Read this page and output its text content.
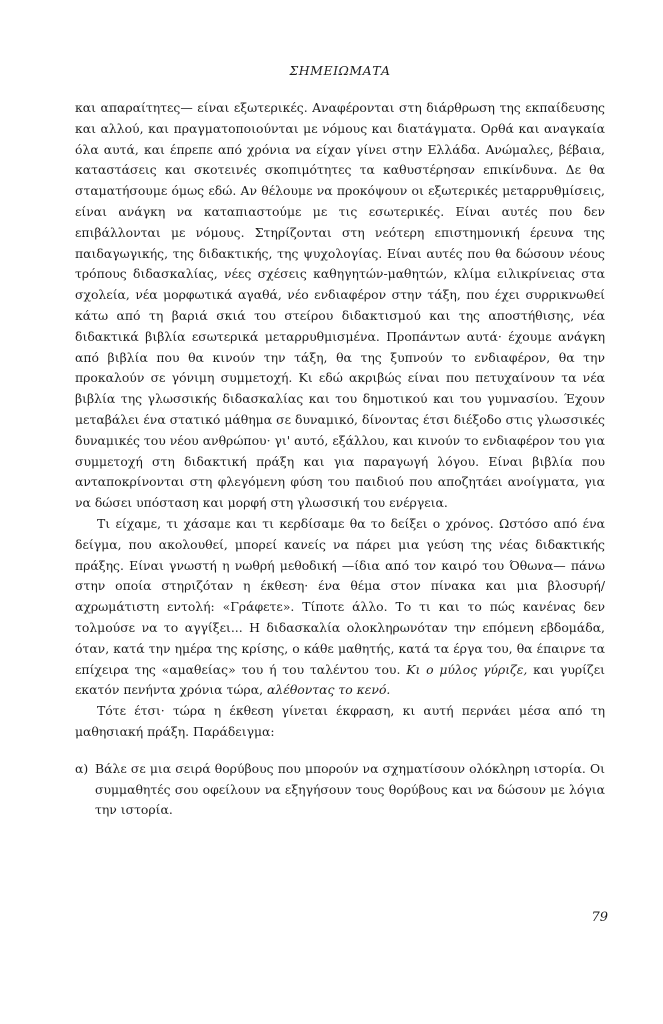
ΣΗΜΕΙΩΜΑΤΑ

και απαραίτητες— είναι εξωτερικές. Αναφέρονται στη διάρθρωση της εκπαίδευσης και αλλού, και πραγματοποιούνται με νόμους και διατάγματα. Ορθά και αναγκαία όλα αυτά, και έπρεπε από χρόνια να είχαν γίνει στην Ελλάδα. Ανώμαλες, βέβαια, καταστάσεις και σκοτεινές σκοπιμότητες τα καθυστέρησαν επικίνδυνα. Δε θα σταματήσουμε όμως εδώ. Αν θέλουμε να προκόψουν οι εξωτερικές μεταρρυθμίσεις, είναι ανάγκη να καταπιαστούμε με τις εσωτερικές. Είναι αυτές που δεν επιβάλλονται με νόμους. Στηρίζονται στη νεότερη επιστημονική έρευνα της παιδαγωγικής, της διδακτικής, της ψυχολογίας. Είναι αυτές που θα δώσουν νέους τρόπους διδασκαλίας, νέες σχέσεις καθηγητών-μαθητών, κλίμα ειλικρίνειας στα σχολεία, νέα μορφωτικά αγαθά, νέο ενδιαφέρον στην τάξη, που έχει συρρικνωθεί κάτω από τη βαριά σκιά του στείρου διδακτισμού και της αποστήθισης, νέα διδακτικά βιβλία εσωτερικά μεταρρυθμισμένα. Προπάντων αυτά· έχουμε ανάγκη από βιβλία που θα κινούν την τάξη, θα της ξυπνούν το ενδιαφέρον, θα την προκαλούν σε γόνιμη συμμετοχή. Κι εδώ ακριβώς είναι που πετυχαίνουν τα νέα βιβλία της γλωσσικής διδασκαλίας και του δημοτικού και του γυμνασίου. Έχουν μεταβάλει ένα στατικό μάθημα σε δυναμικό, δίνοντας έτσι διέξοδο στις γλωσσικές δυναμικές του νέου ανθρώπου· γι' αυτό, εξάλλου, και κινούν το ενδιαφέρον του για συμμετοχή στη διδακτική πράξη και για παραγωγή λόγου. Είναι βιβλία που ανταποκρίνονται στη φλεγόμενη φύση του παιδιού που αποζητάει ανοίγματα, για να δώσει υπόσταση και μορφή στη γλωσσική του ενέργεια.

Τι είχαμε, τι χάσαμε και τι κερδίσαμε θα το δείξει ο χρόνος. Ωστόσο από ένα δείγμα, που ακολουθεί, μπορεί κανείς να πάρει μια γεύση της νέας διδακτικής πράξης. Είναι γνωστή η νωθρή μεθοδική —ίδια από τον καιρό του Όθωνα— πάνω στην οποία στηριζόταν η έκθεση· ένα θέμα στον πίνακα και μια βλοσυρή/αχρωμάτιστη εντολή: «Γράφετε». Τίποτε άλλο. Το τι και το πώς κανένας δεν τολμούσε να το αγγίξει... Η διδασκαλία ολοκληρωνόταν την επόμενη εβδομάδα, όταν, κατά την ημέρα της κρίσης, ο κάθε μαθητής, κατά τα έργα του, θα έπαιρνε τα επίχειρα της «αμαθείας» του ή του ταλέντου του. Κι ο μύλος γύριζε, και γυρίζει εκατόν πενήντα χρόνια τώρα, αλέθοντας το κενό.

Τότε έτσι· τώρα η έκθεση γίνεται έκφραση, κι αυτή περνάει μέσα από τη μαθησιακή πράξη. Παράδειγμα:

α) Βάλε σε μια σειρά θορύβους που μπορούν να σχηματίσουν ολόκληρη ιστορία. Οι συμμαθητές σου οφείλουν να εξηγήσουν τους θορύβους και να δώσουν με λόγια την ιστορία.
79
